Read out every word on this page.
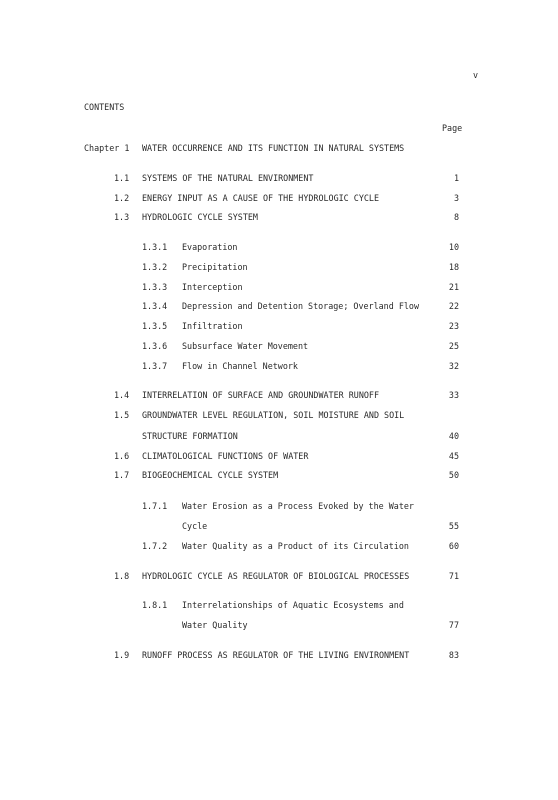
v
CONTENTS
Page
Chapter 1 WATER OCCURRENCE AND ITS FUNCTION IN NATURAL SYSTEMS
1.1 SYSTEMS OF THE NATURAL ENVIRONMENT	1
1.2 ENERGY INPUT AS A CAUSE OF THE HYDROLOGIC CYCLE	3
1.3 HYDROLOGIC CYCLE SYSTEM	8
1.3.1 Evaporation	10
1.3.2 Precipitation	18
1.3.3 Interception	21
1.3.4 Depression and Detention Storage; Overland Flow	22
1.3.5 Infiltration	23
1.3.6 Subsurface Water Movement	25
1.3.7 Flow in Channel Network	32
1.4 INTERRELATION OF SURFACE AND GROUNDWATER RUNOFF	33
1.5 GROUNDWATER LEVEL REGULATION, SOIL MOISTURE AND SOIL
STRUCTURE FORMATION	40
1.6 CLIMATOLOGICAL FUNCTIONS OF WATER	45
1.7 BIOGEOCHEMICAL CYCLE SYSTEM	50
1.7.1 Water Erosion as a Process Evoked by the Water
Cycle	55
1.7.2 Water Quality as a Product of its Circulation	60
1.8 HYDROLOGIC CYCLE AS REGULATOR OF BIOLOGICAL PROCESSES	71
1.8.1 Interrelationships of Aquatic Ecosystems and
Water Quality	77
1.9 RUNOFF PROCESS AS REGULATOR OF THE LIVING ENVIRONMENT	83
